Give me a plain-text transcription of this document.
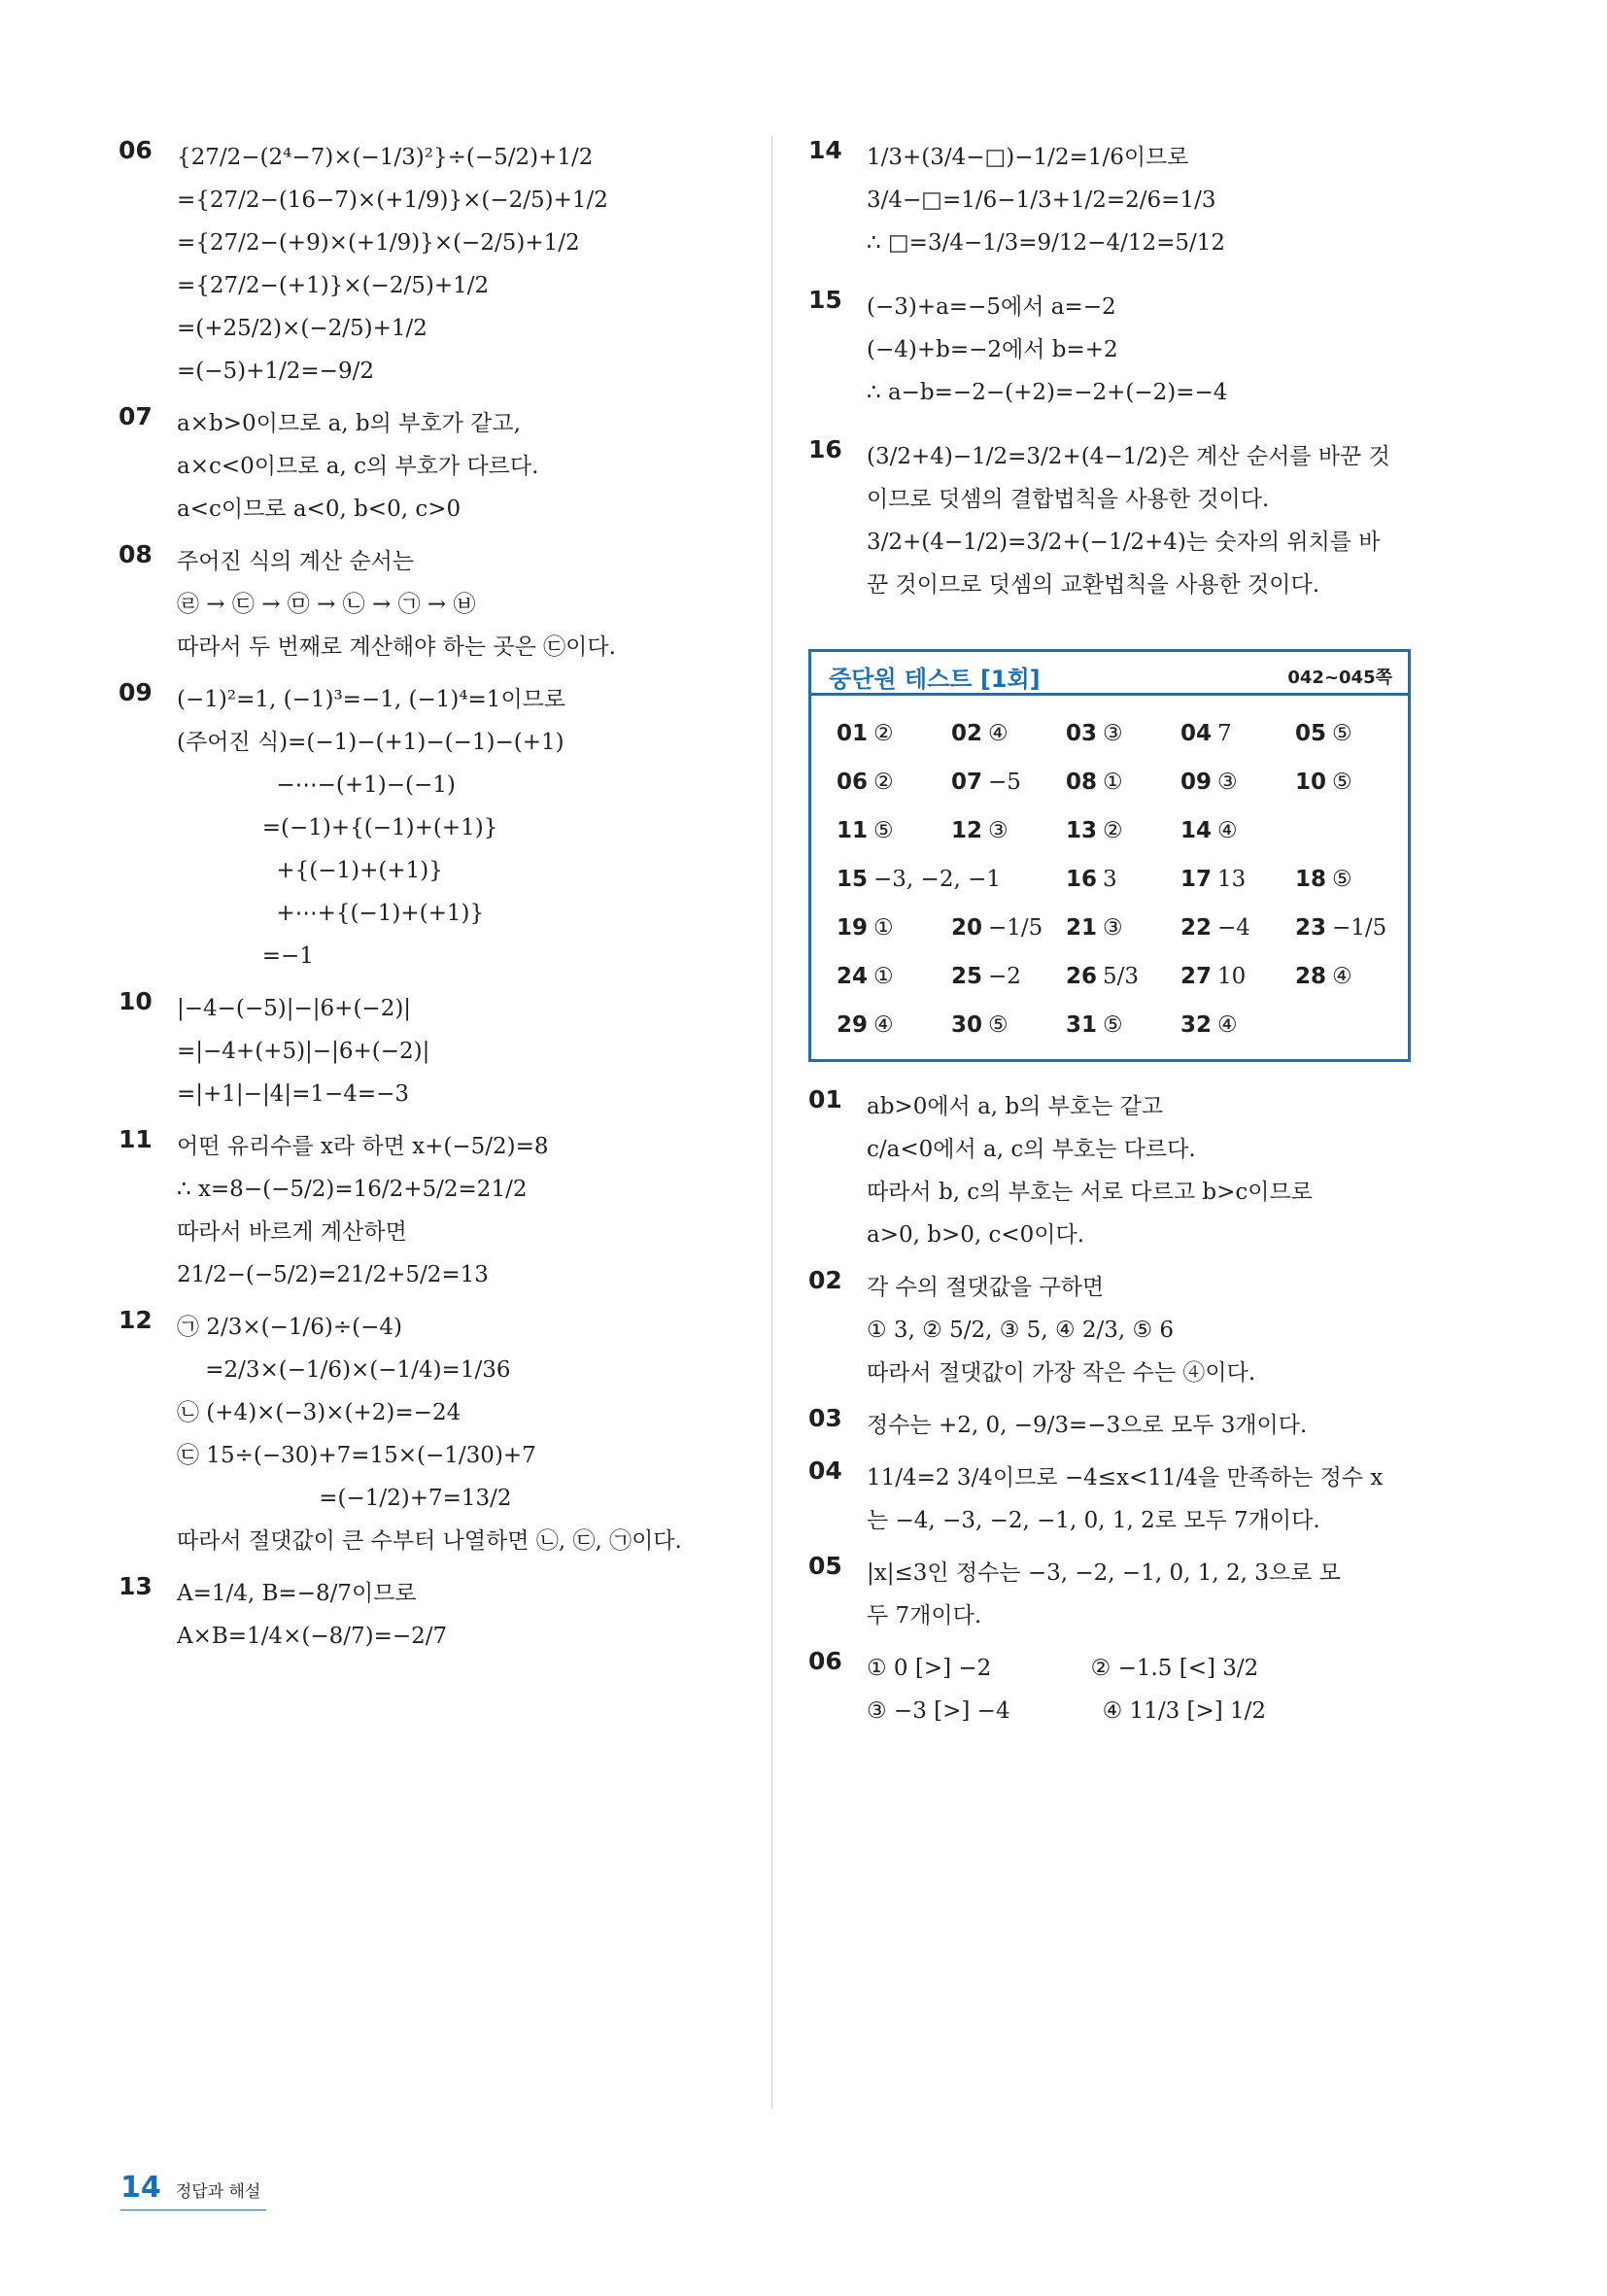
06 {27/2−(2⁴−7)×(−1/3)²}÷(−5/2)+1/2
={27/2−(16−7)×(+1/9)}×(−2/5)+1/2
={27/2−(+9)×(+1/9)}×(−2/5)+1/2
={27/2−(+1)}×(−2/5)+1/2
=(+25/2)×(−2/5)+1/2
=(−5)+1/2=−9/2
07 a×b>0이므로 a, b의 부호가 같고,
a×c<0이므로 a, c의 부호가 다르다.
a<c이므로 a<0, b<0, c>0
08 주어진 식의 계산 순서는
㉣ → ㉢ → ㉤ → ㉡ → ㉠ → ㉥
따라서 두 번째로 계산해야 하는 곳은 ㉢이다.
09 (−1)²=1, (−1)³=−1, (−1)⁴=1이므로
(주어진 식)=(−1)−(+1)−(−1)−(+1)
−⋯−(+1)−(−1)
=(−1)+{(−1)+(+1)}
+{(−1)+(+1)}
+⋯+{(−1)+(+1)}
=−1
10 |−4−(−5)|−|6+(−2)|
=|−4+(+5)|−|6+(−2)|
=|+1|−|4|=1−4=−3
11 어떤 유리수를 x라 하면 x+(−5/2)=8
∴ x=8−(−5/2)=16/2+5/2=21/2
따라서 바르게 계산하면
21/2−(−5/2)=21/2+5/2=13
12 ㉠ 2/3×(−1/6)÷(−4)
=2/3×(−1/6)×(−1/4)=1/36
㉡ (+4)×(−3)×(+2)=−24
㉢ 15÷(−30)+7=15×(−1/30)+7
=(−1/2)+7=13/2
따라서 절댓값이 큰 수부터 나열하면 ㉡, ㉢, ㉠이다.
13 A=1/4, B=−8/7이므로
A×B=1/4×(−8/7)=−2/7
14 1/3+(3/4−□)−1/2=1/6이므로
3/4−□=1/6−1/3+1/2=2/6=1/3
∴ □=3/4−1/3=9/12−4/12=5/12
15 (−3)+a=−5에서 a=−2
(−4)+b=−2에서 b=+2
∴ a−b=−2−(+2)=−2+(−2)=−4
16 (3/2+4)−1/2=3/2+(4−1/2)은 계산 순서를 바꾼 것
이므로 덧셈의 결합법칙을 사용한 것이다.
3/2+(4−1/2)=3/2+(−1/2+4)는 숫자의 위치를 바
꾼 것이므로 덧셈의 교환법칙을 사용한 것이다.
중단원 테스트 [1회]	042~045쪽
01 ②	02 ④	03 ③	04 7	05 ⑤
06 ②	07 −5	08 ①	09 ③	10 ⑤
11 ⑤	12 ③	13 ②	14 ④
15 −3, −2, −1	16 3	17 13	18 ⑤
19 ①	20 −1/5	21 ③	22 −4	23 −1/5
24 ①	25 −2	26 5/3	27 10	28 ④
29 ④	30 ⑤	31 ⑤	32 ④
01 ab>0에서 a, b의 부호는 같고
c/a<0에서 a, c의 부호는 다르다.
따라서 b, c의 부호는 서로 다르고 b>c이므로
a>0, b>0, c<0이다.
02 각 수의 절댓값을 구하면
① 3, ② 5/2, ③ 5, ④ 2/3, ⑤ 6
따라서 절댓값이 가장 작은 수는 ④이다.
03 정수는 +2, 0, −9/3=−3으로 모두 3개이다.
04 11/4=2 3/4이므로 −4≤x<11/4을 만족하는 정수 x
는 −4, −3, −2, −1, 0, 1, 2로 모두 7개이다.
05 |x|≤3인 정수는 −3, −2, −1, 0, 1, 2, 3으로 모
두 7개이다.
06 ① 0 [>] −2              ② −1.5 [<] 3/2
③ −3 [>] −4             ④ 11/3 [>] 1/2
14 정답과 해설
